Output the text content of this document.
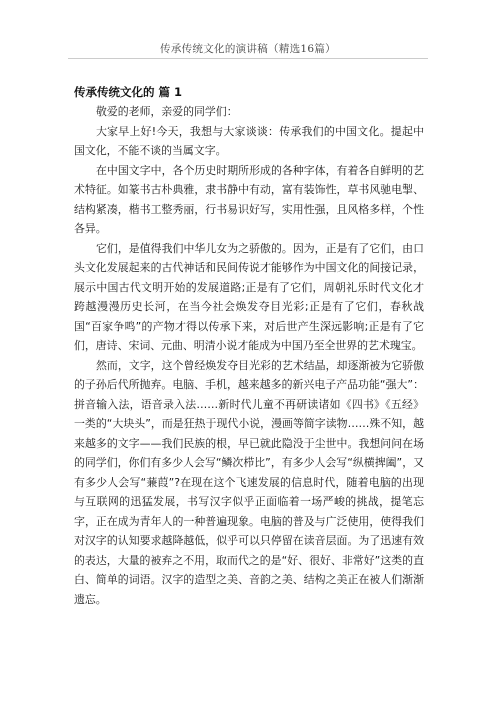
传承传统文化的演讲稿（精选16篇）
传承传统文化的 篇 1

敬爱的老师，亲爱的同学们：

大家早上好!今天，我想与大家谈谈：传承我们的中国文化。提起中国文化，不能不谈的当属文字。

在中国文字中，各个历史时期所形成的各种字体，有着各自鲜明的艺术特征。如篆书古朴典雅，隶书静中有动，富有装饰性，草书风驰电掣、结构紧凑，楷书工整秀丽，行书易识好写，实用性强，且风格多样，个性各异。

它们，是值得我们中华儿女为之骄傲的。因为，正是有了它们，由口头文化发展起来的古代神话和民间传说才能够作为中国文化的间接记录，展示中国古代文明开始的发展道路;正是有了它们，周朝礼乐时代文化才跨越漫漫历史长河，在当今社会焕发夺目光彩;正是有了它们，春秋战国“百家争鸣”的产物才得以传承下来，对后世产生深远影响;正是有了它们，唐诗、宋词、元曲、明清小说才能成为中国乃至全世界的艺术瑰宝。

然而，文字，这个曾经焕发夺目光彩的艺术结晶，却逐渐被为它骄傲的子孙后代所抛弃。电脑、手机，越来越多的新兴电子产品功能“强大”：拼音输入法，语音录入法……新时代儿童不再研读诸如《四书》《五经》一类的“大块头”，而是狂热于现代小说，漫画等简字读物……殊不知，越来越多的文字——我们民族的根，早已就此隐没于尘世中。我想问问在场的同学们，你们有多少人会写“鳞次栉比”，有多少人会写“纵横捭阖”，又有多少人会写“蒹葭”?在现在这个飞速发展的信息时代，随着电脑的出现与互联网的迅猛发展，书写汉字似乎正面临着一场严峻的挑战，提笔忘字，正在成为青年人的一种普遍现象。电脑的普及与广泛使用，使得我们对汉字的认知要求越降越低，似乎可以只停留在读音层面。为了迅速有效的表达，大量的被弃之不用，取而代之的是“好、很好、非常好”这类的直白、简单的词语。汉字的造型之美、音韵之美、结构之美正在被人们渐渐遗忘。
